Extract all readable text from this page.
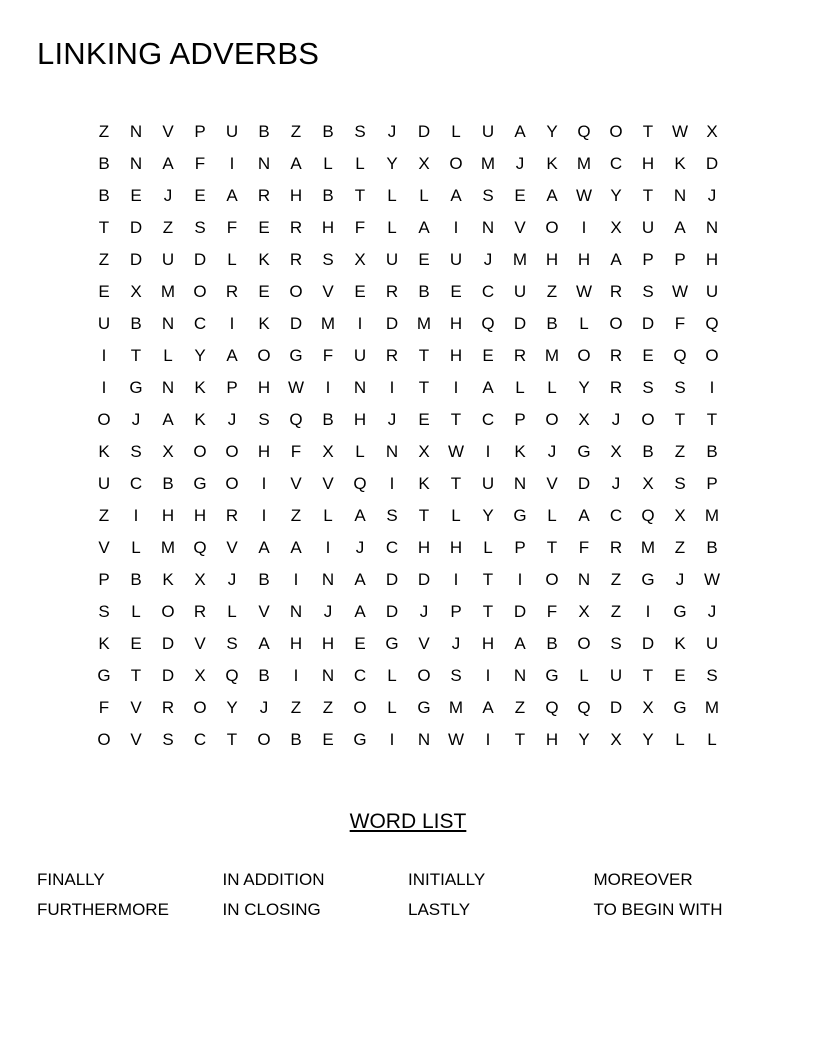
LINKING ADVERBS
Z	N	V	P	U	B	Z	B	S	J	D	L	U	A	Y	Q	O	T	W	X
B	N	A	F	I	N	A	L	L	Y	X	O	M	J	K	M	C	H	K	D
B	E	J	E	A	R	H	B	T	L	L	A	S	E	A	W	Y	T	N	J
T	D	Z	S	F	E	R	H	F	L	A	I	N	V	O	I	X	U	A	N
Z	D	U	D	L	K	R	S	X	U	E	U	J	M	H	H	A	P	P	H
E	X	M	O	R	E	O	V	E	R	B	E	C	U	Z	W	R	S	W	U
U	B	N	C	I	K	D	M	I	D	M	H	Q	D	B	L	O	D	F	Q
I	T	L	Y	A	O	G	F	U	R	T	H	E	R	M	O	R	E	Q	O
I	G	N	K	P	H	W	I	N	I	T	I	A	L	L	Y	R	S	S	I
O	J	A	K	J	S	Q	B	H	J	E	T	C	P	O	X	J	O	T	T
K	S	X	O	O	H	F	X	L	N	X	W	I	K	J	G	X	B	Z	B
U	C	B	G	O	I	V	V	Q	I	K	T	U	N	V	D	J	X	S	P
Z	I	H	H	R	I	Z	L	A	S	T	L	Y	G	L	A	C	Q	X	M
V	L	M	Q	V	A	A	I	J	C	H	H	L	P	T	F	R	M	Z	B
P	B	K	X	J	B	I	N	A	D	D	I	T	I	O	N	Z	G	J	W
S	L	O	R	L	V	N	J	A	D	J	P	T	D	F	X	Z	I	G	J
K	E	D	V	S	A	H	H	E	G	V	J	H	A	B	O	S	D	K	U
G	T	D	X	Q	B	I	N	C	L	O	S	I	N	G	L	U	T	E	S
F	V	R	O	Y	J	Z	Z	O	L	G	M	A	Z	Q	Q	D	X	G	M
O	V	S	C	T	O	B	E	G	I	N	W	I	T	H	Y	X	Y	L	L
WORD LIST
FINALLY	IN ADDITION	INITIALLY	MOREOVER
FURTHERMORE	IN CLOSING	LASTLY	TO BEGIN WITH
